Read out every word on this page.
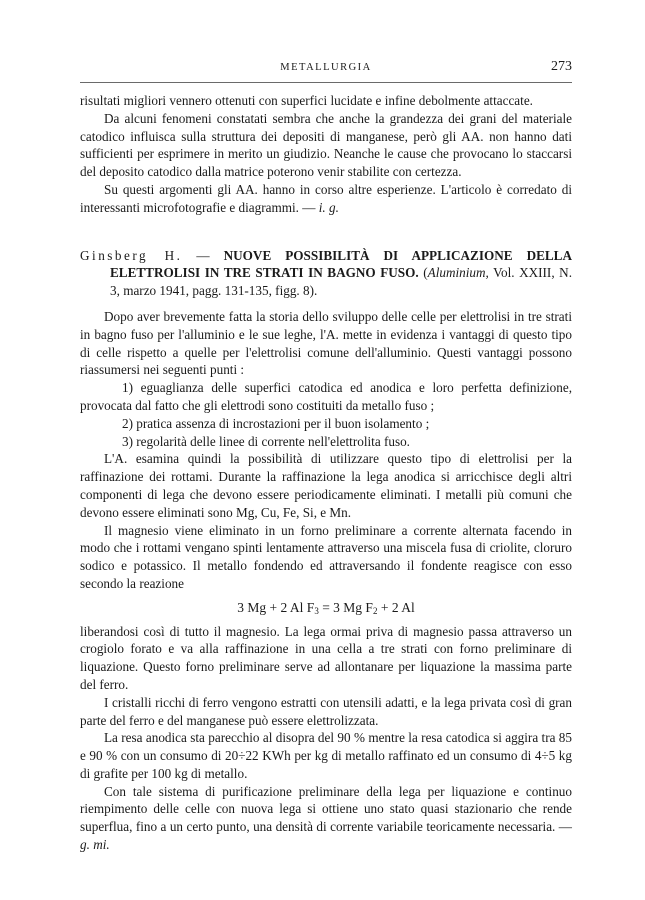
METALLURGIA	273

risultati migliori vennero ottenuti con superfici lucidate e infine debolmente attaccate.

Da alcuni fenomeni constatati sembra che anche la grandezza dei grani del materiale catodico influisca sulla struttura dei depositi di manganese, però gli AA. non hanno dati sufficienti per esprimere in merito un giudizio. Neanche le cause che provocano lo staccarsi del deposito catodico dalla matrice poterono venir stabilite con certezza.

Su questi argomenti gli AA. hanno in corso altre esperienze. L'articolo è corredato di interessanti microfotografie e diagrammi. — i. g.

Ginsberg H. — NUOVE POSSIBILITÀ DI APPLICAZIONE DELLA ELETTROLISI IN TRE STRATI IN BAGNO FUSO. (Aluminium, Vol. XXIII, N. 3, marzo 1941, pagg. 131-135, figg. 8).

Dopo aver brevemente fatta la storia dello sviluppo delle celle per elettrolisi in tre strati in bagno fuso per l'alluminio e le sue leghe, l'A. mette in evidenza i vantaggi di questo tipo di celle rispetto a quelle per l'elettrolisi comune dell'alluminio. Questi vantaggi possono riassumersi nei seguenti punti :

1) eguaglianza delle superfici catodica ed anodica e loro perfetta definizione, provocata dal fatto che gli elettrodi sono costituiti da metallo fuso ;

2) pratica assenza di incrostazioni per il buon isolamento ;

3) regolarità delle linee di corrente nell'elettrolita fuso.

L'A. esamina quindi la possibilità di utilizzare questo tipo di elettrolisi per la raffinazione dei rottami. Durante la raffinazione la lega anodica si arricchisce degli altri componenti di lega che devono essere periodicamente eliminati. I metalli più comuni che devono essere eliminati sono Mg, Cu, Fe, Si, e Mn.

Il magnesio viene eliminato in un forno preliminare a corrente alternata facendo in modo che i rottami vengano spinti lentamente attraverso una miscela fusa di criolite, cloruro sodico e potassico. Il metallo fondendo ed attraversando il fondente reagisce con esso secondo la reazione

3 Mg + 2 Al $F_3 = 3$ Mg $F_2 + 2$ Al

liberandosi così di tutto il magnesio. La lega ormai priva di magnesio passa attraverso un crogiolo forato e va alla raffinazione in una cella a tre strati con forno preliminare di liquazione. Questo forno preliminare serve ad allontanare per liquazione la massima parte del ferro.

I cristalli ricchi di ferro vengono estratti con utensili adatti, e la lega privata così di gran parte del ferro e del manganese può essere elettrolizzata.

La resa anodica sta parecchio al disopra del 90 % mentre la resa catodica si aggira tra 85 e 90 % con un consumo di 20÷22 KWh per kg di metallo raffinato ed un consumo di 4÷5 kg di grafite per 100 kg di metallo.

Con tale sistema di purificazione preliminare della lega per liquazione e continuo riempimento delle celle con nuova lega si ottiene uno stato quasi stazionario che rende superflua, fino a un certo punto, una densità di corrente variabile teoricamente necessaria. — g. mi.
